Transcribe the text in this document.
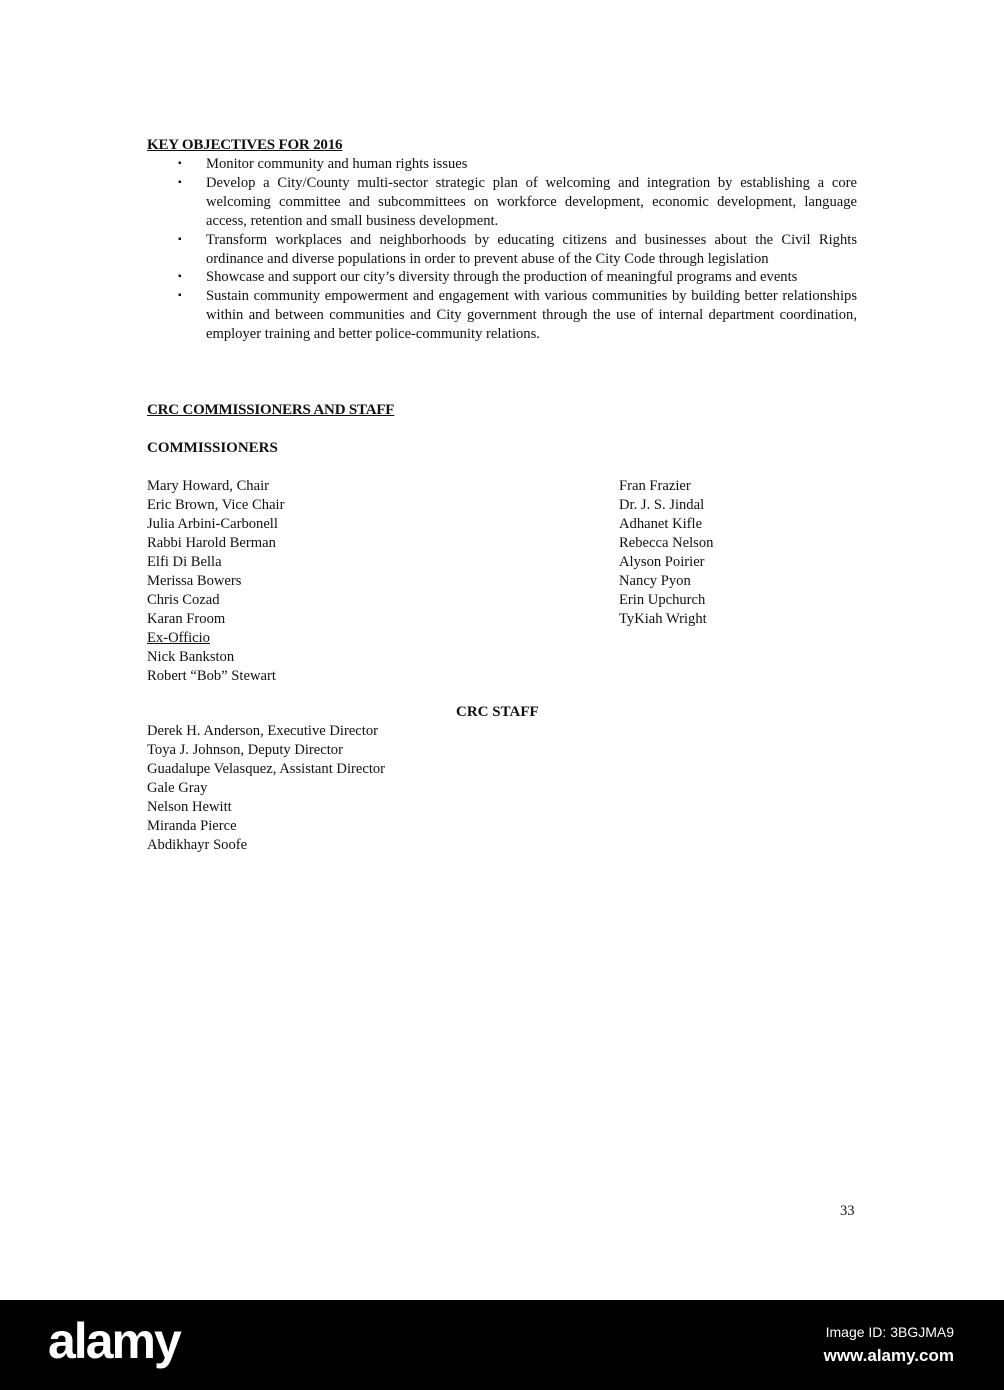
KEY OBJECTIVES FOR 2016
▪ Monitor community and human rights issues
▪ Develop a City/County multi-sector strategic plan of welcoming and integration by establishing a core welcoming committee and subcommittees on workforce development, economic development, language access, retention and small business development.
▪ Transform workplaces and neighborhoods by educating citizens and businesses about the Civil Rights ordinance and diverse populations in order to prevent abuse of the City Code through legislation
▪ Showcase and support our city’s diversity through the production of meaningful programs and events
▪ Sustain community empowerment and engagement with various communities by building better relationships within and between communities and City government through the use of internal department coordination, employer training and better police-community relations.
CRC COMMISSIONERS AND STAFF
COMMISSIONERS
Mary Howard, Chair
Eric Brown, Vice Chair
Julia Arbini-Carbonell
Rabbi Harold Berman
Elfi Di Bella
Merissa Bowers
Chris Cozad
Karan Froom
Ex-Officio
Nick Bankston
Robert “Bob” Stewart
Fran Frazier
Dr. J. S. Jindal
Adhanet Kifle
Rebecca Nelson
Alyson Poirier
Nancy Pyon
Erin Upchurch
TyKiah Wright
CRC STAFF
Derek H. Anderson, Executive Director
Toya J. Johnson, Deputy Director
Guadalupe Velasquez, Assistant Director
Gale Gray
Nelson Hewitt
Miranda Pierce
Abdikhayr Soofe
33
alamy	Image ID: 3BGJMA9
www.alamy.com
